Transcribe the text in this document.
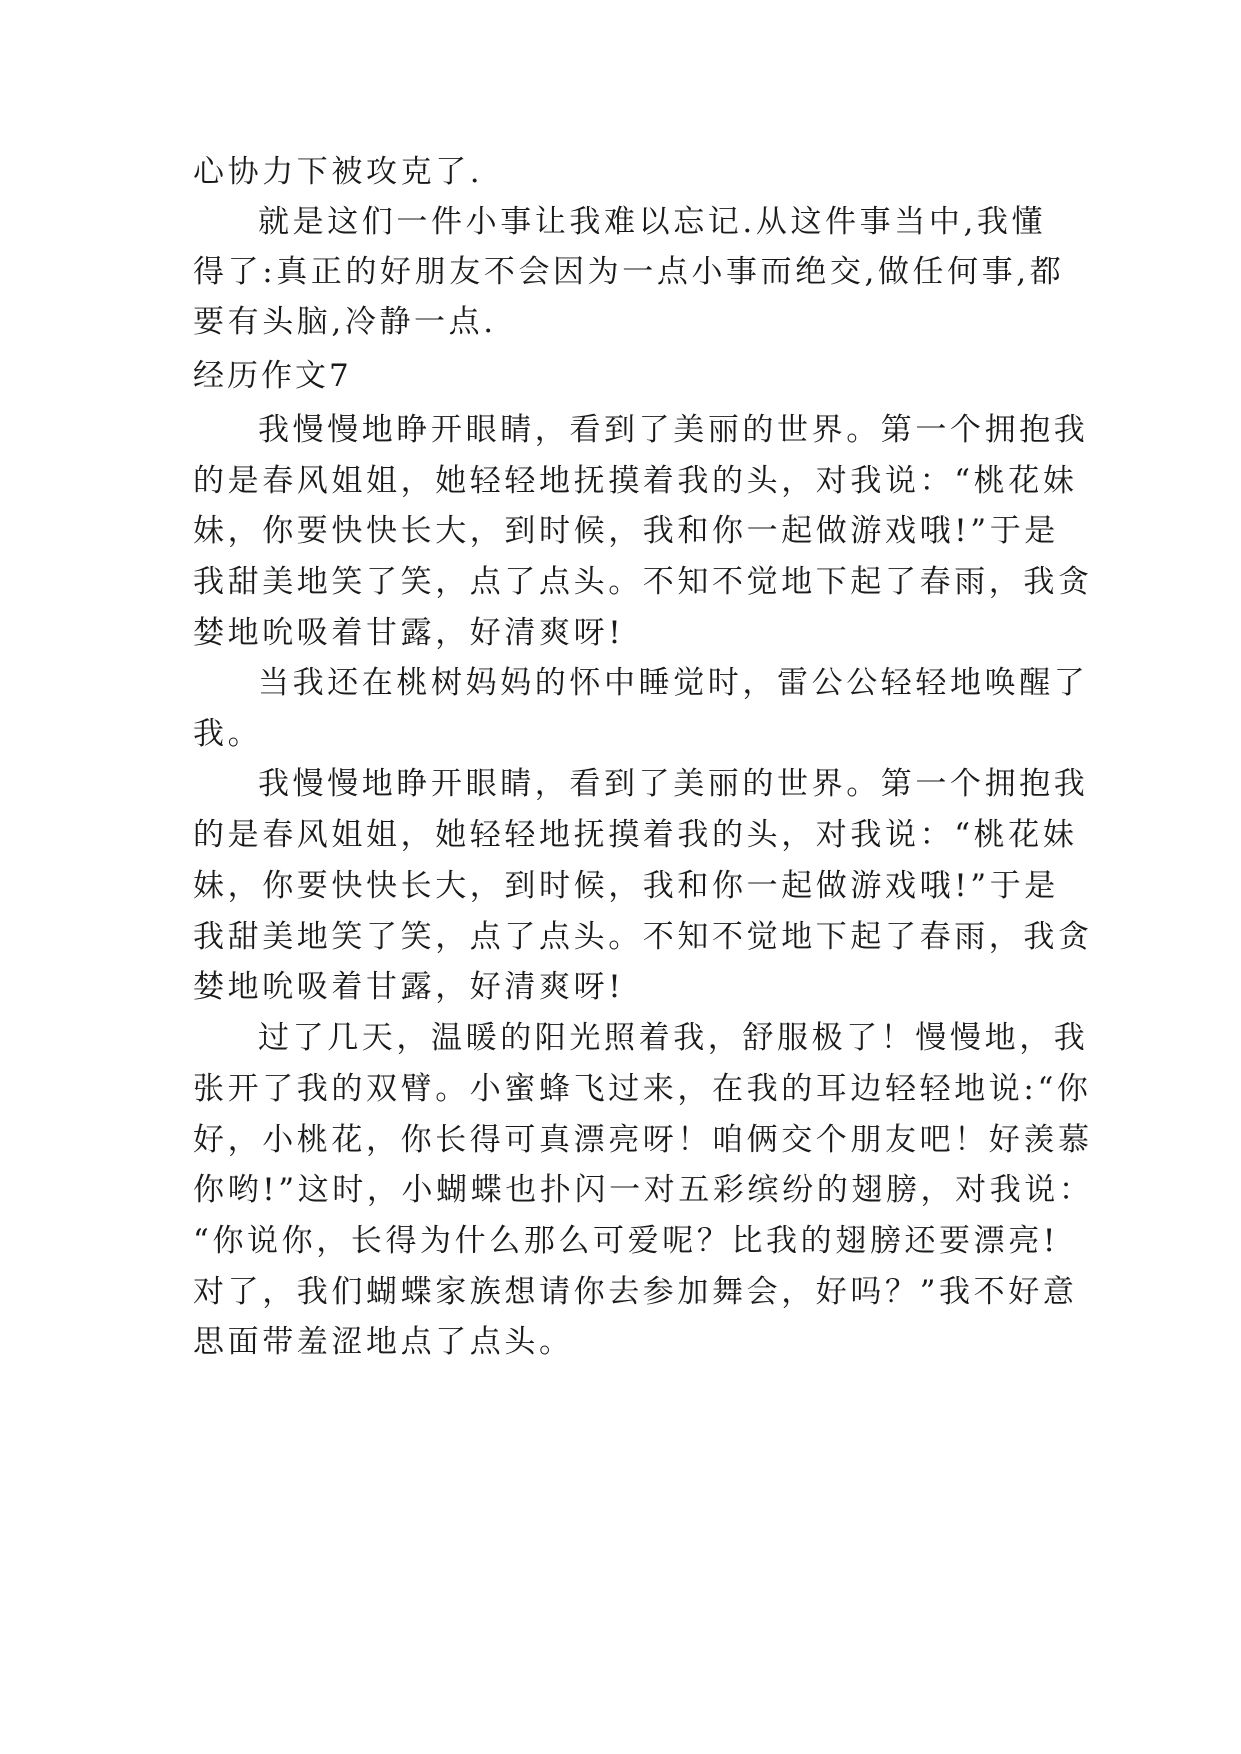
心协力下被攻克了.
就是这们一件小事让我难以忘记.从这件事当中,我懂
得了:真正的好朋友不会因为一点小事而绝交,做任何事,都
要有头脑,冷静一点.
经历作文7
我慢慢地睁开眼睛，看到了美丽的世界。第一个拥抱我
的是春风姐姐，她轻轻地抚摸着我的头，对我说：“桃花妹
妹，你要快快长大，到时候，我和你一起做游戏哦!”于是
我甜美地笑了笑，点了点头。不知不觉地下起了春雨，我贪
婪地吮吸着甘露，好清爽呀!
当我还在桃树妈妈的怀中睡觉时，雷公公轻轻地唤醒了
我。
我慢慢地睁开眼睛，看到了美丽的世界。第一个拥抱我
的是春风姐姐，她轻轻地抚摸着我的头，对我说：“桃花妹
妹，你要快快长大，到时候，我和你一起做游戏哦!”于是
我甜美地笑了笑，点了点头。不知不觉地下起了春雨，我贪
婪地吮吸着甘露，好清爽呀!
过了几天，温暖的阳光照着我，舒服极了！慢慢地，我
张开了我的双臂。小蜜蜂飞过来，在我的耳边轻轻地说:“你
好，小桃花，你长得可真漂亮呀！咱俩交个朋友吧！好羡慕
你哟!”这时，小蝴蝶也扑闪一对五彩缤纷的翅膀，对我说：
“你说你，长得为什么那么可爱呢？比我的翅膀还要漂亮!
对了，我们蝴蝶家族想请你去参加舞会，好吗？”我不好意
思面带羞涩地点了点头。
